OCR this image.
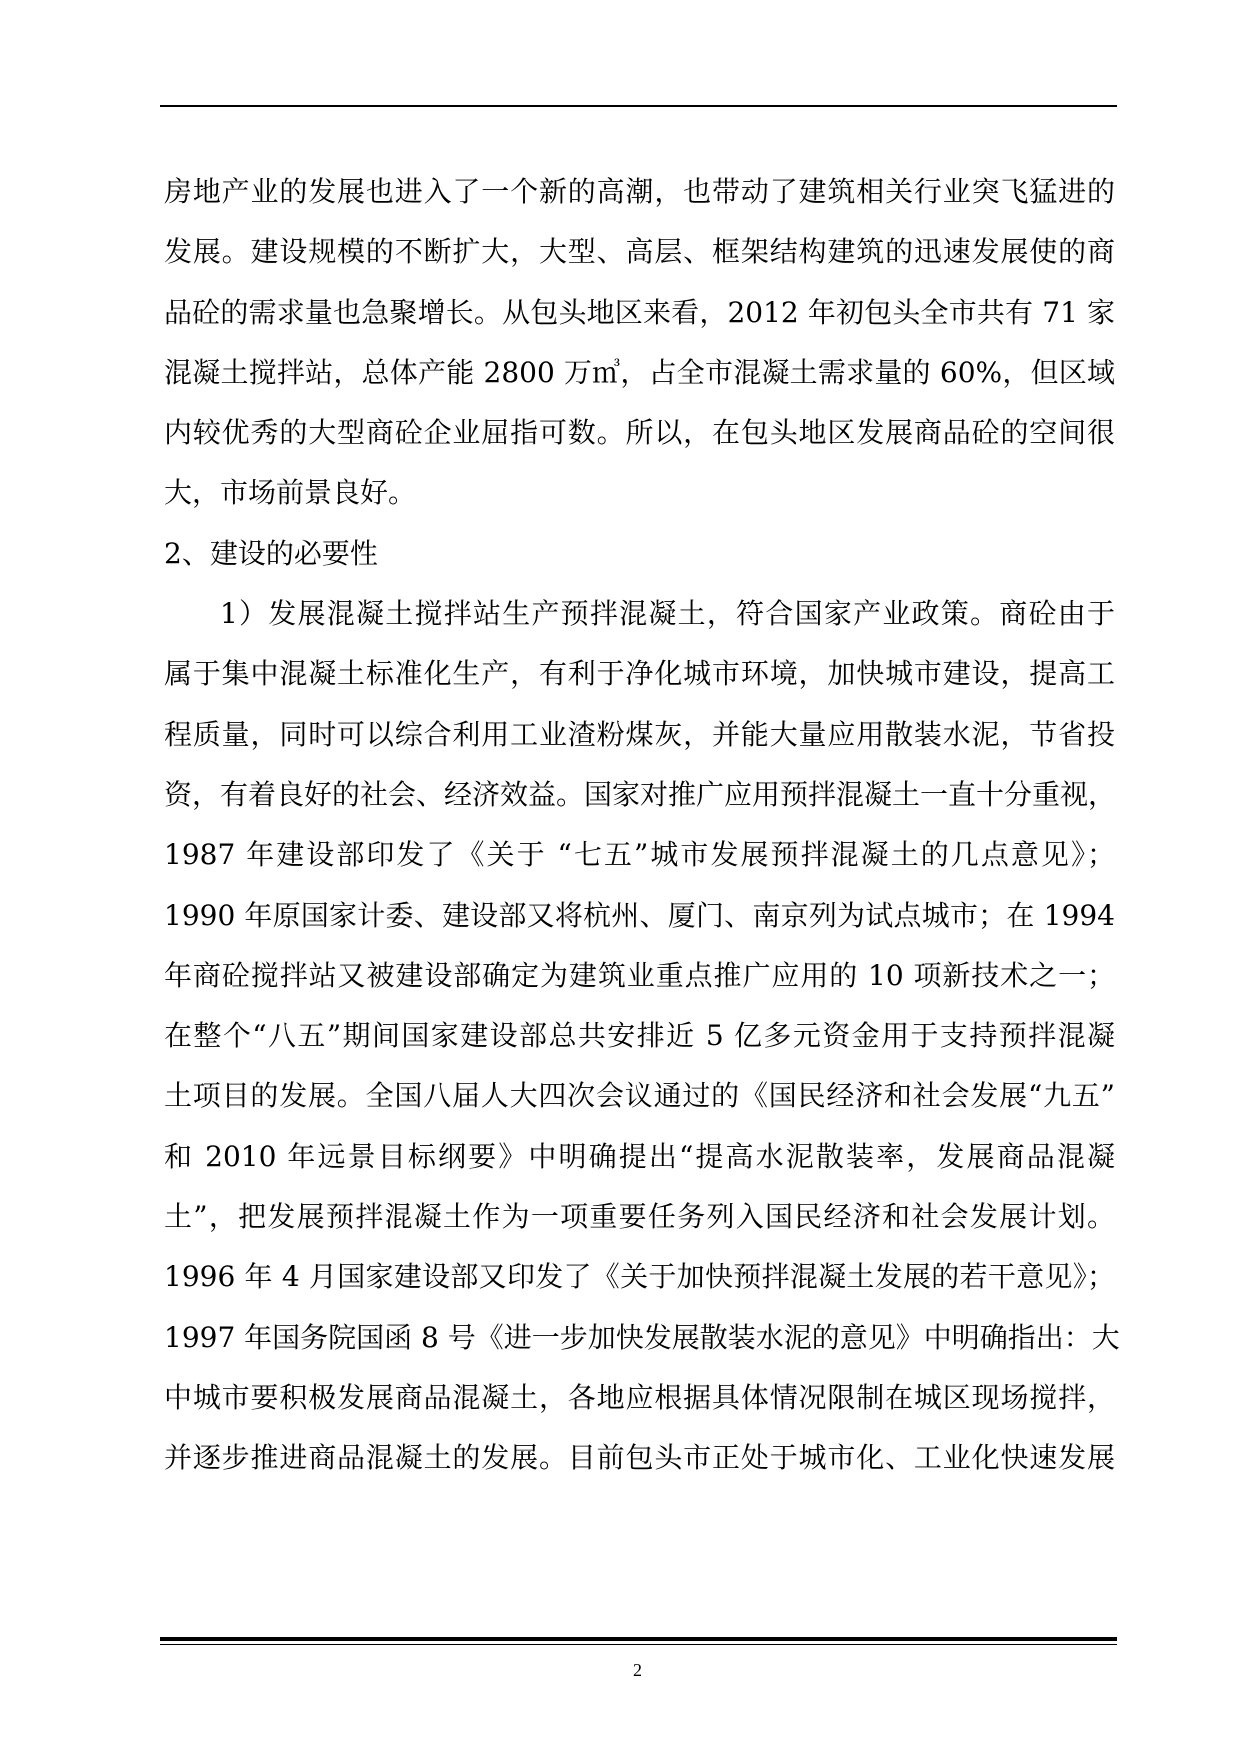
房地产业的发展也进入了一个新的高潮，也带动了建筑相关行业突飞猛进的
发展。建设规模的不断扩大，大型、高层、框架结构建筑的迅速发展使的商
品砼的需求量也急聚增长。从包头地区来看，2012 年初包头全市共有 71 家
混凝土搅拌站，总体产能 2800 万㎥，占全市混凝土需求量的 60%，但区域
内较优秀的大型商砼企业屈指可数。所以，在包头地区发展商品砼的空间很
大，市场前景良好。
2、建设的必要性
1）发展混凝土搅拌站生产预拌混凝土，符合国家产业政策。商砼由于
属于集中混凝土标准化生产，有利于净化城市环境，加快城市建设，提高工
程质量，同时可以综合利用工业渣粉煤灰，并能大量应用散装水泥，节省投
资，有着良好的社会、经济效益。国家对推广应用预拌混凝土一直十分重视，
1987 年建设部印发了《关于 “七五”城市发展预拌混凝土的几点意见》；
1990 年原国家计委、建设部又将杭州、厦门、南京列为试点城市；在 1994
年商砼搅拌站又被建设部确定为建筑业重点推广应用的 10 项新技术之一；
在整个“八五”期间国家建设部总共安排近 5 亿多元资金用于支持预拌混凝
土项目的发展。全国八届人大四次会议通过的《国民经济和社会发展“九五”
和 2010 年远景目标纲要》中明确提出“提高水泥散装率，发展商品混凝
土”，把发展预拌混凝土作为一项重要任务列入国民经济和社会发展计划。
1996 年 4 月国家建设部又印发了《关于加快预拌混凝土发展的若干意见》；
1997 年国务院国函 8 号《进一步加快发展散装水泥的意见》中明确指出：大
中城市要积极发展商品混凝土，各地应根据具体情况限制在城区现场搅拌，
并逐步推进商品混凝土的发展。目前包头市正处于城市化、工业化快速发展
2
